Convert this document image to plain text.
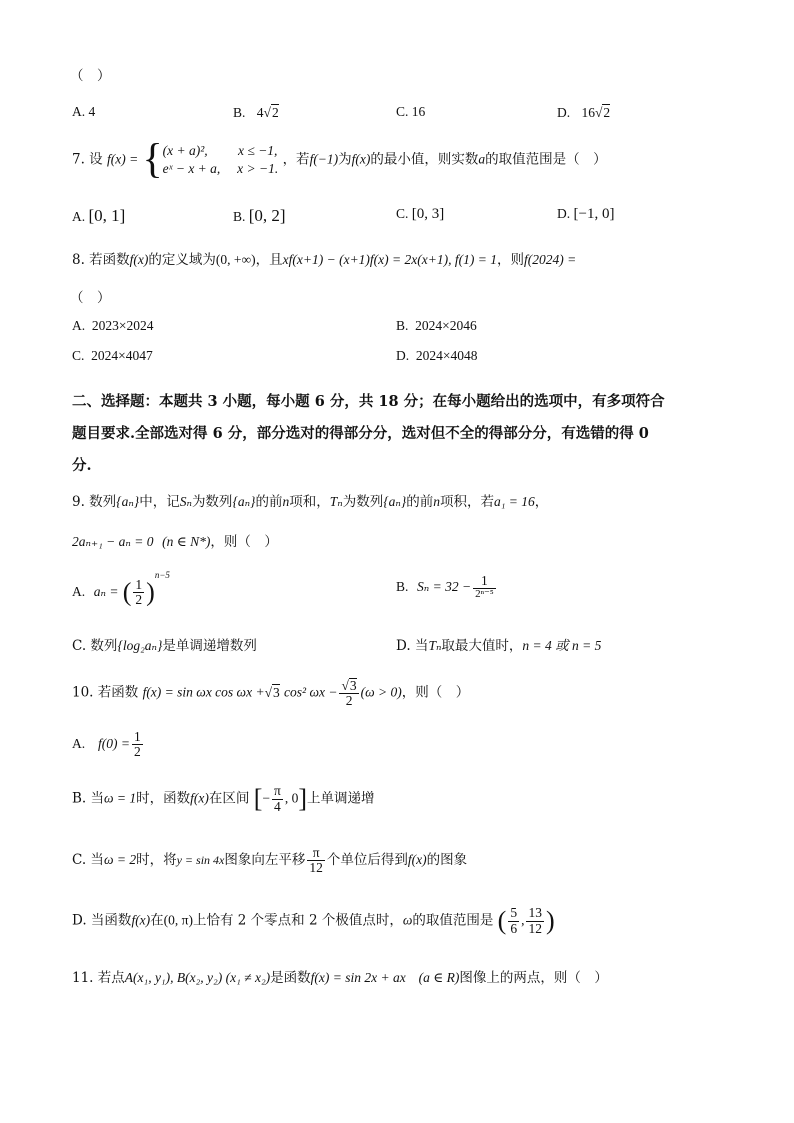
（　）
A. 4	B. 4√2	C. 16	D. 16√2
7. 设 f(x) = {(x + a)², 　　x ≤ −1,
eˣ − x + a, 　x > −1. ，若f(−1)为f(x)的最小值，则实数a的取值范围是（　）
A. [0, 1]	B. [0, 2]	C. [0, 3]	D. [−1, 0]
8. 若函数f(x)的定义域为(0, +∞)，且xf(x+1) − (x+1)f(x) = 2x(x+1), f(1) = 1，则f(2024) =
（　）
A. 2023×2024	B. 2024×2046
C. 2024×4047	D. 2024×4048
二、选择题：本题共 3 小题，每小题 6 分，共 18 分；在每小题给出的选项中，有多项符合
题目要求.全部选对得 6 分，部分选对的得部分分，选对但不全的得部分分，有选错的得 0
分.
9. 数列{aₙ}中，记Sₙ为数列{aₙ}的前n项和，Tₙ为数列{aₙ}的前n项积，若a₁ = 16，
2aₙ₊₁ − aₙ = 0 (n ∈ N*)，则（　）
A. aₙ = ( $\frac{1}{2} )^{n-5}$
B. $S_n = 32 - \frac{1}{\text{2ⁿ⁻⁵}}$
C. 数列{log₂aₙ}是单调递增数列	D. 当Tₙ取最大值时，n = 4 或 n = 5
10. 若函数 f(x) = sin ωx cos ωx +√3 cos² $\omega x - \frac{√3}{2} (\omega > 0)$，则（　）
A. $f(0) = \frac{1}{2}$
B. 当ω = 1时，函数f(x)在区间 [− $\frac{\pi}{4}$ , 0]上单调递增
C. 当ω = 2时，将y = sin 4x图象向左平移 $\frac{\pi}{12}$ 个单位后得到f(x)的图象
D. 当函数f(x)在(0, π)上恰有 2 个零点和 2 个极值点时，ω的取值范围是 ( $\frac{5}{6}$ , $\frac{13}{12}$ )
11. 若点A(x₁, y₁), B(x₂, y₂) (x₁ ≠ x₂)是函数f(x) = sin 2x + ax (a ∈ R)图像上的两点，则（　）
